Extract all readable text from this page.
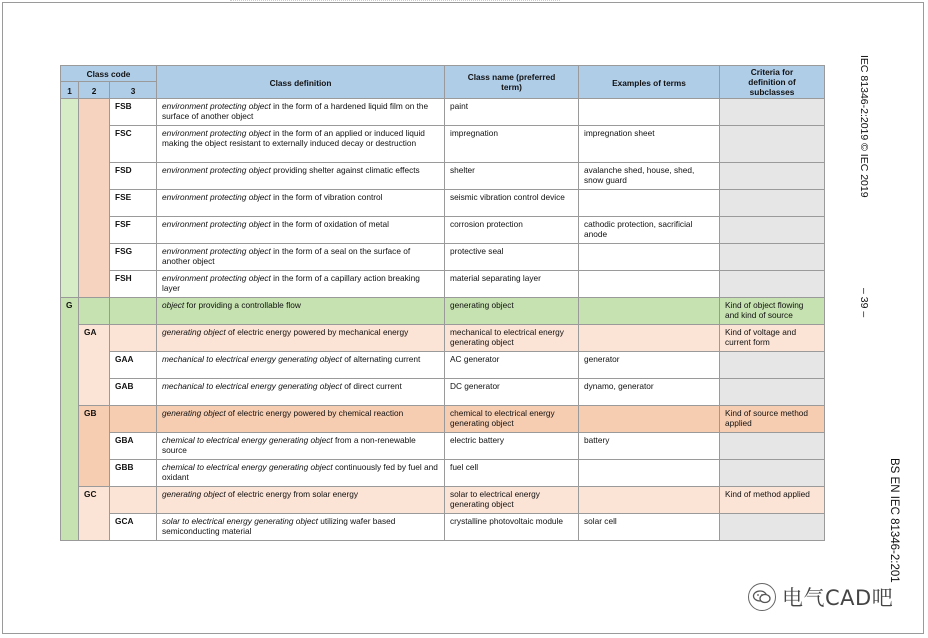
Class code			Class definition	Class name (preferred term)	Examples of terms	Criteria for definition of subclasses
1	2	3				
		FSB	environment protecting object in the form of a hardened liquid film on the surface of another object	paint		
		FSC	environment protecting object in the form of an applied or induced liquid making the object resistant to externally induced decay or destruction	impregnation	impregnation sheet	
		FSD	environment protecting object providing shelter against climatic effects	shelter	avalanche shed, house, shed, snow guard	
		FSE	environment protecting object in the form of vibration control	seismic vibration control device		
		FSF	environment protecting object in the form of oxidation of metal	corrosion protection	cathodic protection, sacrificial anode	
		FSG	environment protecting object in the form of a seal on the surface of another object	protective seal		
		FSH	environment protecting object in the form of a capillary action breaking layer	material separating layer		
G			object for providing a controllable flow	generating object		Kind of object flowing and kind of source
	GA		generating object of electric energy powered by mechanical energy	mechanical to electrical energy generating object		Kind of voltage and current form
		GAA	mechanical to electrical energy generating object of alternating current	AC generator	generator	
		GAB	mechanical to electrical energy generating object of direct current	DC generator	dynamo, generator	
	GB		generating object of electric energy powered by chemical reaction	chemical to electrical energy generating object		Kind of source method applied
		GBA	chemical to electrical energy generating object from a non-renewable source	electric battery	battery	
		GBB	chemical to electrical energy generating object continuously fed by fuel and oxidant	fuel cell		
	GC		generating object of electric energy from solar energy	solar to electrical energy generating object		Kind of method applied
		GCA	solar to electrical energy generating object utilizing wafer based semiconducting material	crystalline photovoltaic module	solar cell	
IEC 81346-2:2019 © IEC 2019
– 39 –
BS EN IEC 81346-2:201
电气CAD吧
